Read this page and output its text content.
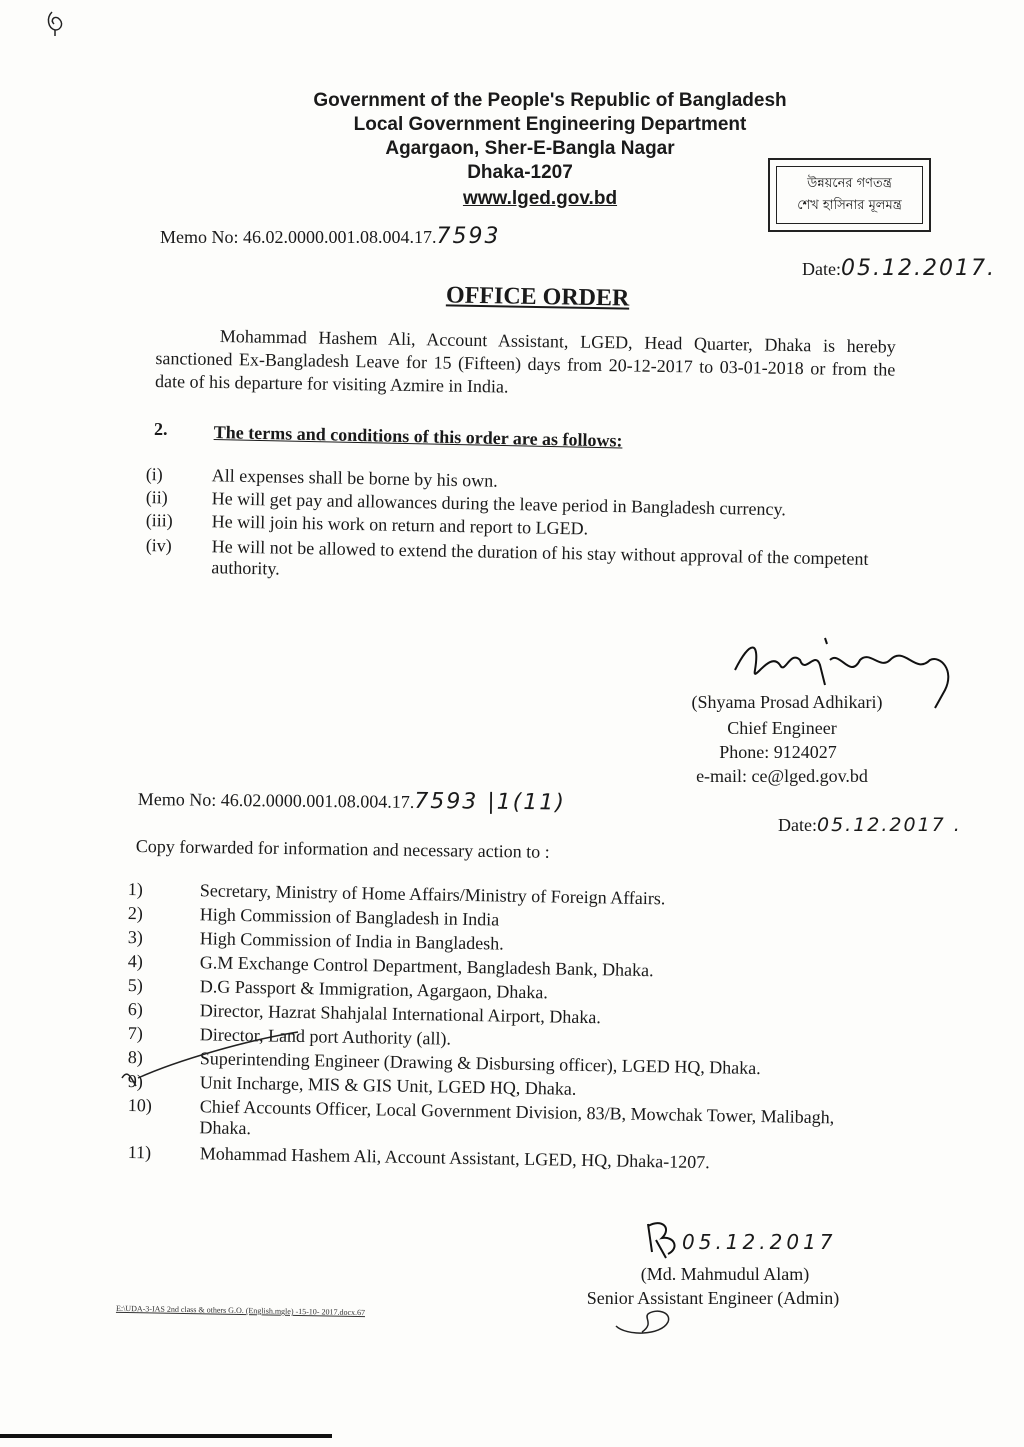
Government of the People's Republic of Bangladesh
Local Government Engineering Department
Agargaon, Sher-E-Bangla Nagar
Dhaka-1207
www.lged.gov.bd
উন্নয়নের গণতন্ত্র
শেখ হাসিনার মূলমন্ত্র
Memo No: 46.02.0000.001.08.004.17.7593
Date:05.12.2017.
OFFICE ORDER
Mohammad Hashem Ali, Account Assistant, LGED, Head Quarter, Dhaka is hereby sanctioned Ex-Bangladesh Leave for 15 (Fifteen) days from 20-12-2017 to 03-01-2018 or from the date of his departure for visiting Azmire in India.
2.	The terms and conditions of this order are as follows:
(i)	All expenses shall be borne by his own.
(ii) He will get pay and allowances during the leave period in Bangladesh currency.
(iii) He will join his work on return and report to LGED.
(iv) He will not be allowed to extend the duration of his stay without approval of the competent authority.
(Shyama Prosad Adhikari)
Chief Engineer
Phone: 9124027
e-mail: ce@lged.gov.bd
Memo No: 46.02.0000.001.08.004.17.7593 |1(11)
Date:05.12.2017 .
Copy forwarded for information and necessary action to :
1)	Secretary, Ministry of Home Affairs/Ministry of Foreign Affairs.
2)	High Commission of Bangladesh in India
3)	High Commission of India in Bangladesh.
4)	G.M Exchange Control Department, Bangladesh Bank, Dhaka.
5)	D.G Passport & Immigration, Agargaon, Dhaka.
6)	Director, Hazrat Shahjalal International Airport, Dhaka.
7)	Director, Land port Authority (all).
8)	Superintending Engineer (Drawing & Disbursing officer), LGED HQ, Dhaka.
9)	Unit Incharge, MIS & GIS Unit, LGED HQ, Dhaka.
10)	Chief Accounts Officer, Local Government Division, 83/B, Mowchak Tower, Malibagh, Dhaka.
11)	Mohammad Hashem Ali, Account Assistant, LGED, HQ, Dhaka-1207.
05.12.2017
(Md. Mahmudul Alam)
Senior Assistant Engineer (Admin)
E:\UDA-3-IAS 2nd class & others G.O. (English.mgle) -15-10- 2017.docx.67
